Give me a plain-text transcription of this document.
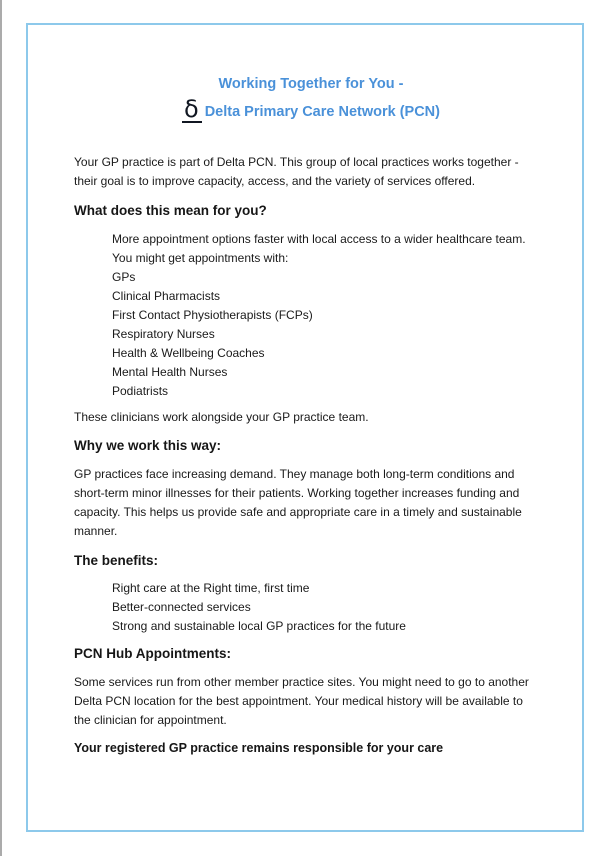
Working Together for You -
δ Delta Primary Care Network (PCN)
Your GP practice is part of Delta PCN. This group of local practices works together - their goal is to improve capacity, access, and the variety of services offered.
What does this mean for you?
More appointment options faster with local access to a wider healthcare team. You might get appointments with:
GPs
Clinical Pharmacists
First Contact Physiotherapists (FCPs)
Respiratory Nurses
Health & Wellbeing Coaches
Mental Health Nurses
Podiatrists
These clinicians work alongside your GP practice team.
Why we work this way:
GP practices face increasing demand. They manage both long-term conditions and short-term minor illnesses for their patients. Working together increases funding and capacity. This helps us provide safe and appropriate care in a timely and sustainable manner.
The benefits:
Right care at the Right time, first time
Better-connected services
Strong and sustainable local GP practices for the future
PCN Hub Appointments:
Some services run from other member practice sites. You might need to go to another Delta PCN location for the best appointment. Your medical history will be available to the clinician for appointment.
Your registered GP practice remains responsible for your care
